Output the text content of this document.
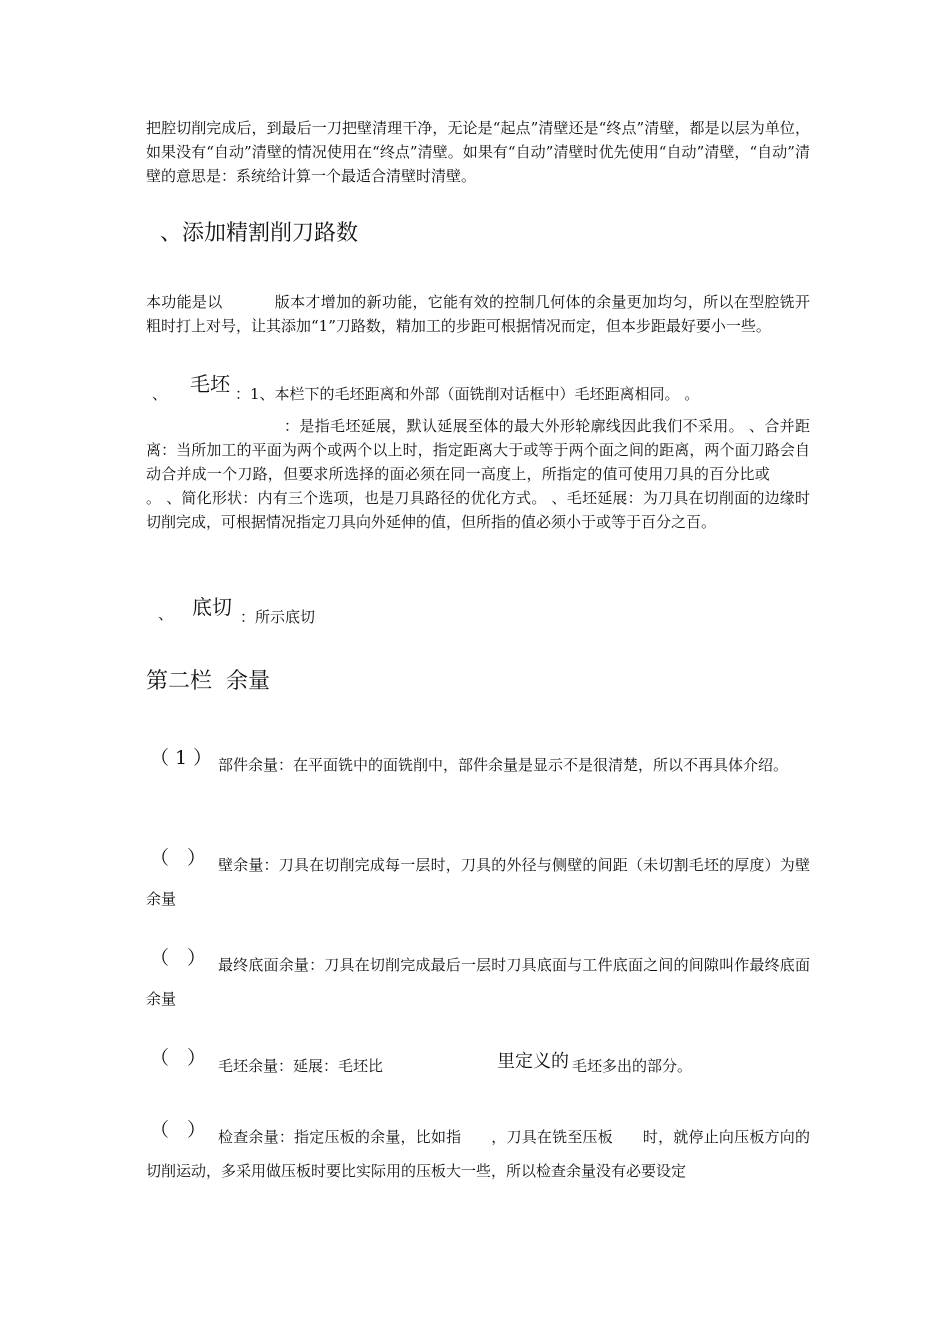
把腔切削完成后，到最后一刀把壁清理干净，无论是“起点”清壁还是“终点”清壁，都是以层为单位，如果没有“自动”清壁的情况使用在“终点”清壁。如果有“自动”清壁时优先使用“自动”清壁，“自动”清壁的意思是：系统给计算一个最适合清壁时清壁。
、添加精割削刀路数
本功能是以	版本才增加的新功能，它能有效的控制几何体的余量更加均匀，所以在型腔铣开粗时打上对号，让其添加“1”刀路数，精加工的步距可根据情况而定，但本步距最好要小一些。
、 毛坯 ：1、本栏下的毛坯距离和外部（面铣削对话框中）毛坯距离相同。 。
：是指毛坯延展，默认延展至体的最大外形轮廓线因此我们不采用。 、合并距离：当所加工的平面为两个或两个以上时，指定距离大于或等于两个面之间的距离，两个面刀路会自动合并成一个刀路，但要求所选择的面必须在同一高度上，所指定的值可使用刀具的百分比或。 、简化形状：内有三个选项，也是刀具路径的优化方式。 、毛坯延展：为刀具在切削面的边缘时切削完成，可根据情况指定刀具向外延伸的值，但所指的值必须小于或等于百分之百。
、 底切 ：所示底切
第二栏  余量
（1） 部件余量：在平面铣中的面铣削中，部件余量是显示不是很清楚，所以不再具体介绍。
（ ） 壁余量：刀具在切削完成每一层时，刀具的外径与侧壁的间距（未切割毛坯的厚度）为壁余量
（ ） 最终底面余量：刀具在切削完成最后一层时刀具底面与工件底面之间的间隙叫作最终底面余量
（ ） 毛坯余量：延展：毛坯比	里定义的 毛坯多出的部分。
（ ） 检查余量：指定压板的余量，比如指      ，刀具在铣至压板      时，就停止向压板方向的切削运动，多采用做压板时要比实际用的压板大一些，所以检查余量没有必要设定
